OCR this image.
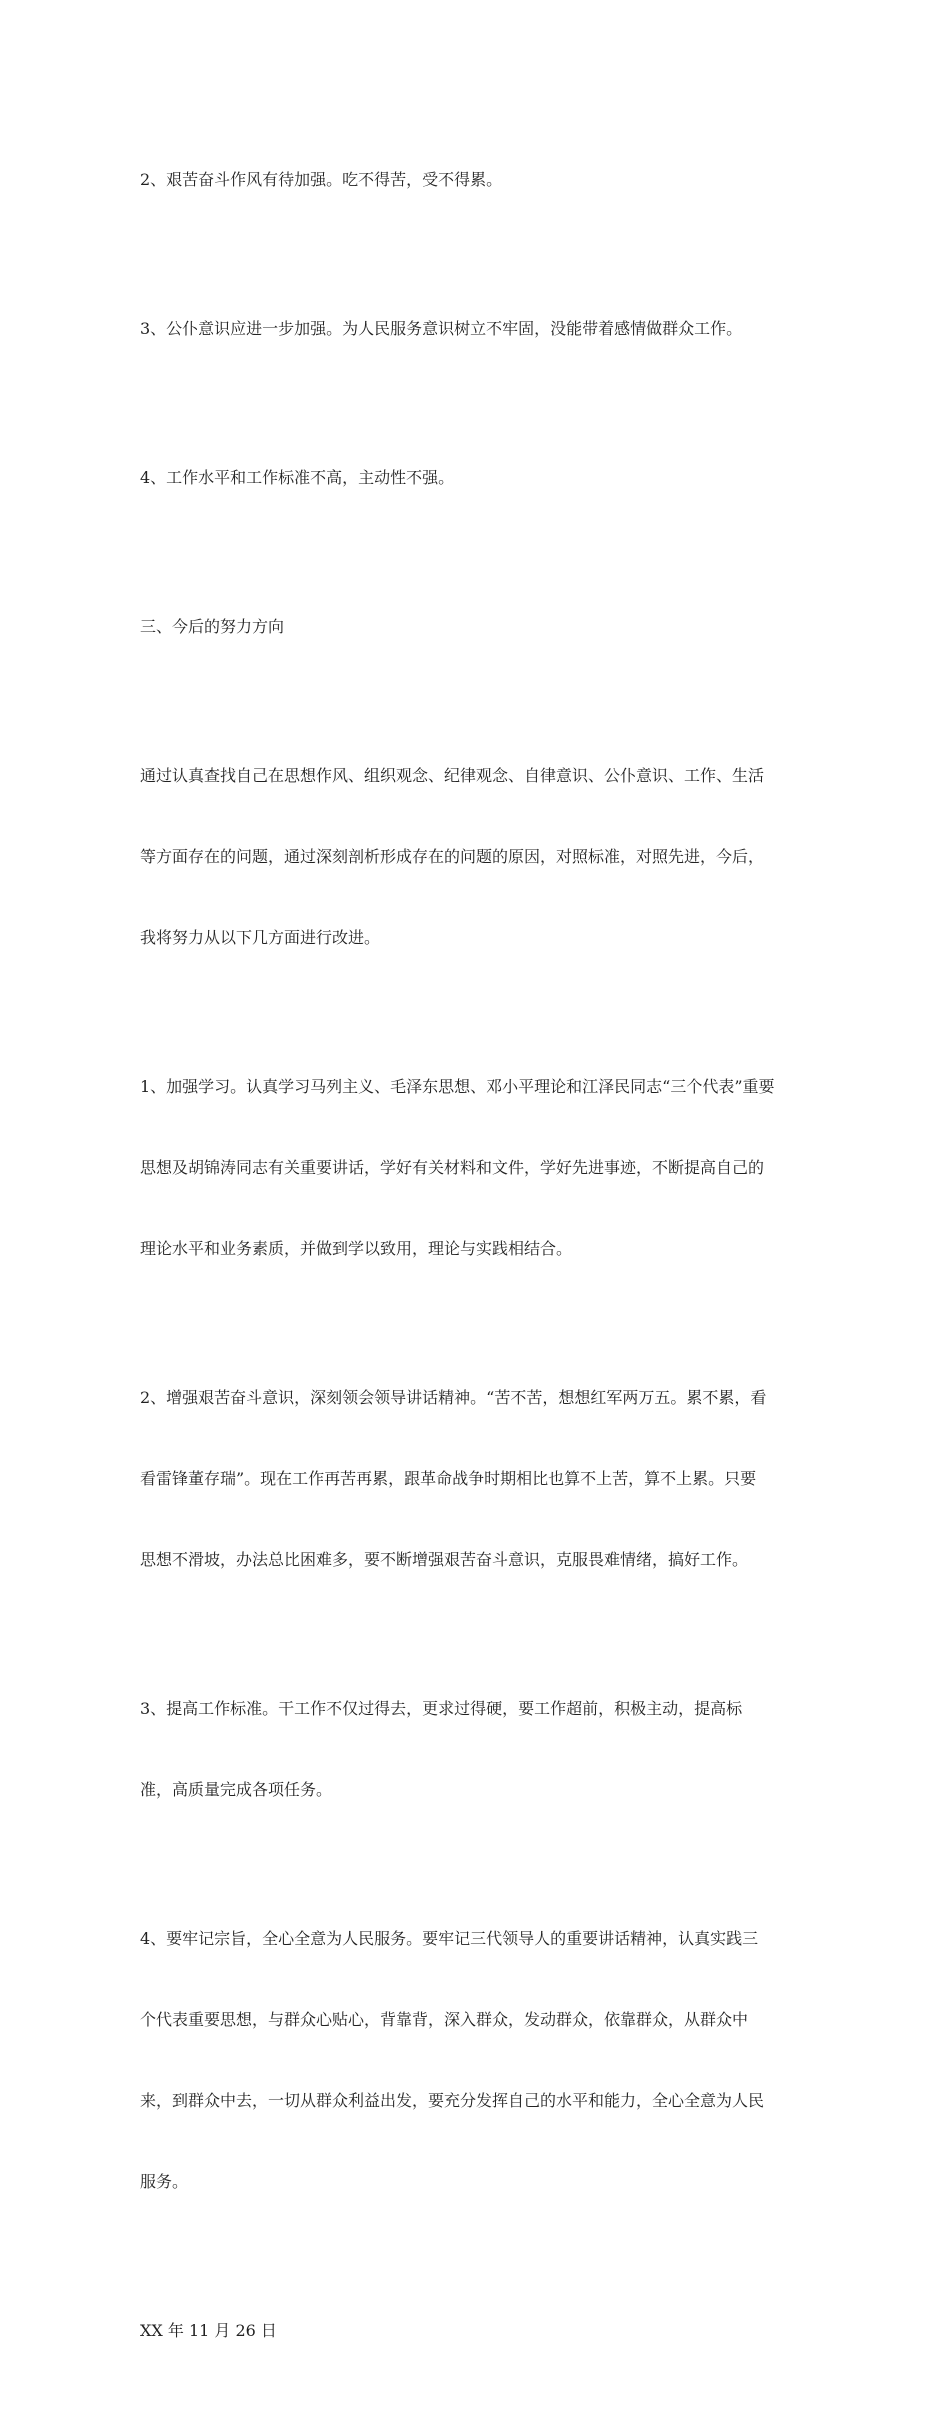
2、艰苦奋斗作风有待加强。吃不得苦，受不得累。

3、公仆意识应进一步加强。为人民服务意识树立不牢固，没能带着感情做群众工作。

4、工作水平和工作标准不高，主动性不强。

三、今后的努力方向

通过认真查找自己在思想作风、组织观念、纪律观念、自律意识、公仆意识、工作、生活

等方面存在的问题，通过深刻剖析形成存在的问题的原因，对照标准，对照先进，今后，

我将努力从以下几方面进行改进。

1、加强学习。认真学习马列主义、毛泽东思想、邓小平理论和江泽民同志“三个代表”重要

思想及胡锦涛同志有关重要讲话，学好有关材料和文件，学好先进事迹，不断提高自己的

理论水平和业务素质，并做到学以致用，理论与实践相结合。

2、增强艰苦奋斗意识，深刻领会领导讲话精神。“苦不苦，想想红军两万五。累不累，看

看雷锋董存瑞”。现在工作再苦再累，跟革命战争时期相比也算不上苦，算不上累。只要

思想不滑坡，办法总比困难多，要不断增强艰苦奋斗意识，克服畏难情绪，搞好工作。

3、提高工作标准。干工作不仅过得去，更求过得硬，要工作超前，积极主动，提高标

准，高质量完成各项任务。

4、要牢记宗旨，全心全意为人民服务。要牢记三代领导人的重要讲话精神，认真实践三

个代表重要思想，与群众心贴心，背靠背，深入群众，发动群众，依靠群众，从群众中

来，到群众中去，一切从群众利益出发，要充分发挥自己的水平和能力，全心全意为人民

服务。

XX 年 11 月 26 日
